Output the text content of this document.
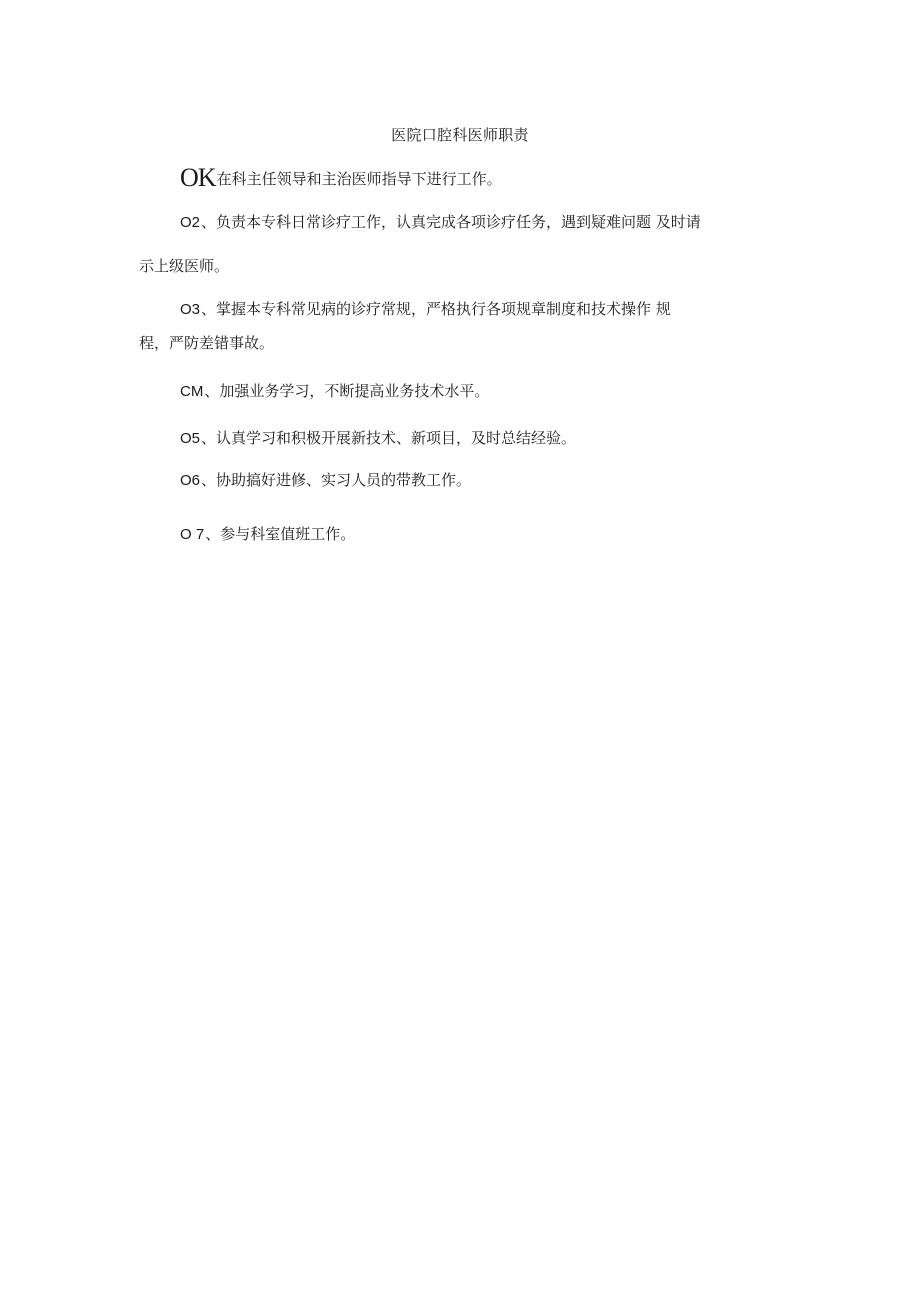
医院口腔科医师职责
OK在科主任领导和主治医师指导下进行工作。
O2、负责本专科日常诊疗工作，认真完成各项诊疗任务，遇到疑难问题 及时请
示上级医师。
O3、掌握本专科常见病的诊疗常规，严格执行各项规章制度和技术操作 规
程，严防差错事故。
CM、加强业务学习，不断提高业务技术水平。
O5、认真学习和积极开展新技术、新项目，及时总结经验。
O6、协助搞好进修、实习人员的带教工作。
O 7、参与科室值班工作。
